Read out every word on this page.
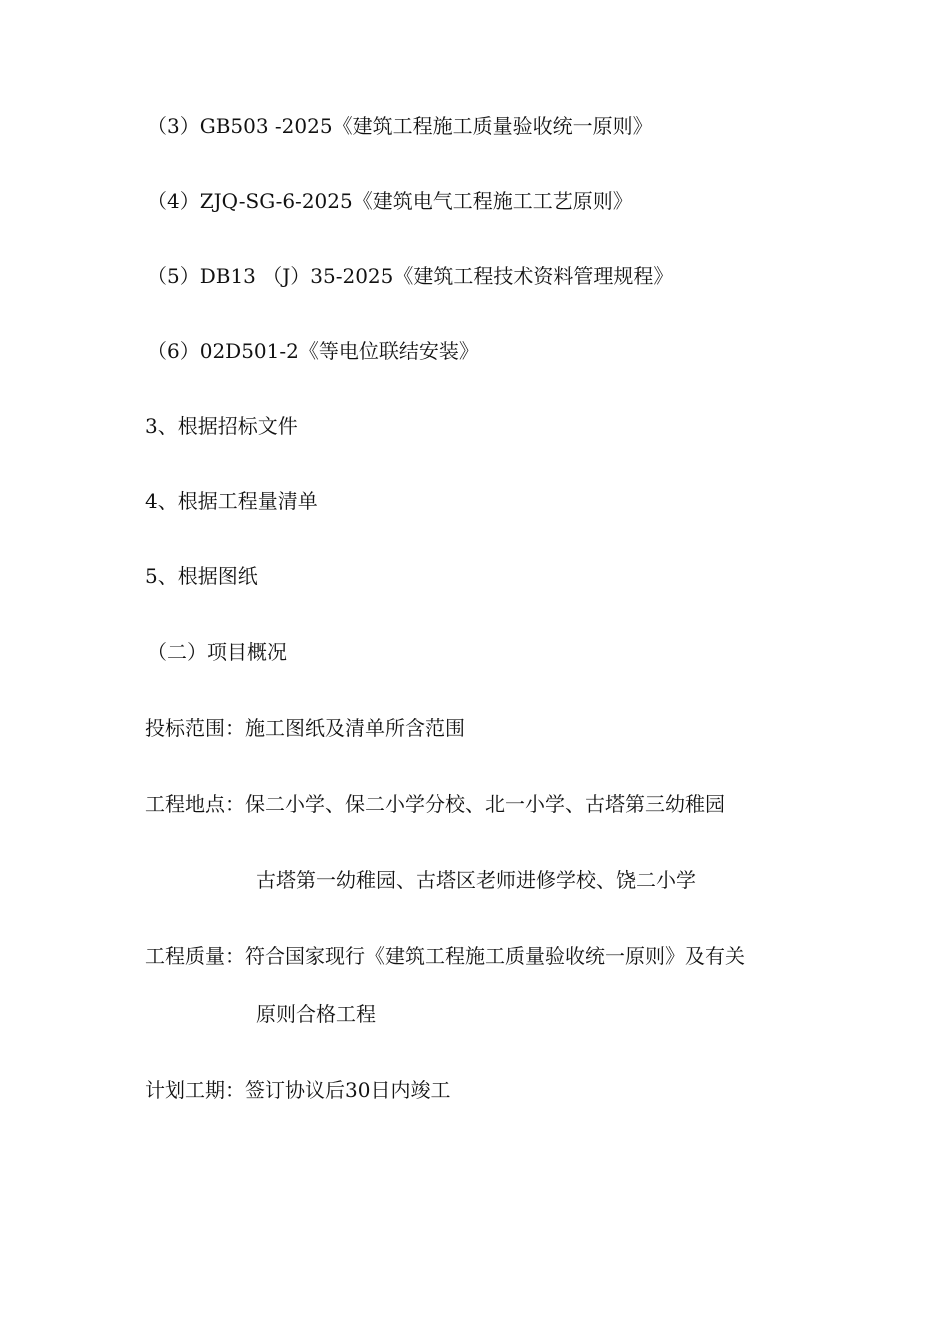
（3）GB503 -2025《建筑工程施工质量验收统一原则》

（4）ZJQ-SG-6-2025《建筑电气工程施工工艺原则》

（5）DB13 （J）35-2025《建筑工程技术资料管理规程》

（6）02D501-2《等电位联结安装》

3、根据招标文件

4、根据工程量清单

5、根据图纸

（二）项目概况

投标范围：施工图纸及清单所含范围

工程地点：保二小学、保二小学分校、北一小学、古塔第三幼稚园

古塔第一幼稚园、古塔区老师进修学校、饶二小学

工程质量：符合国家现行《建筑工程施工质量验收统一原则》及有关

原则合格工程

计划工期：签订协议后30日内竣工
